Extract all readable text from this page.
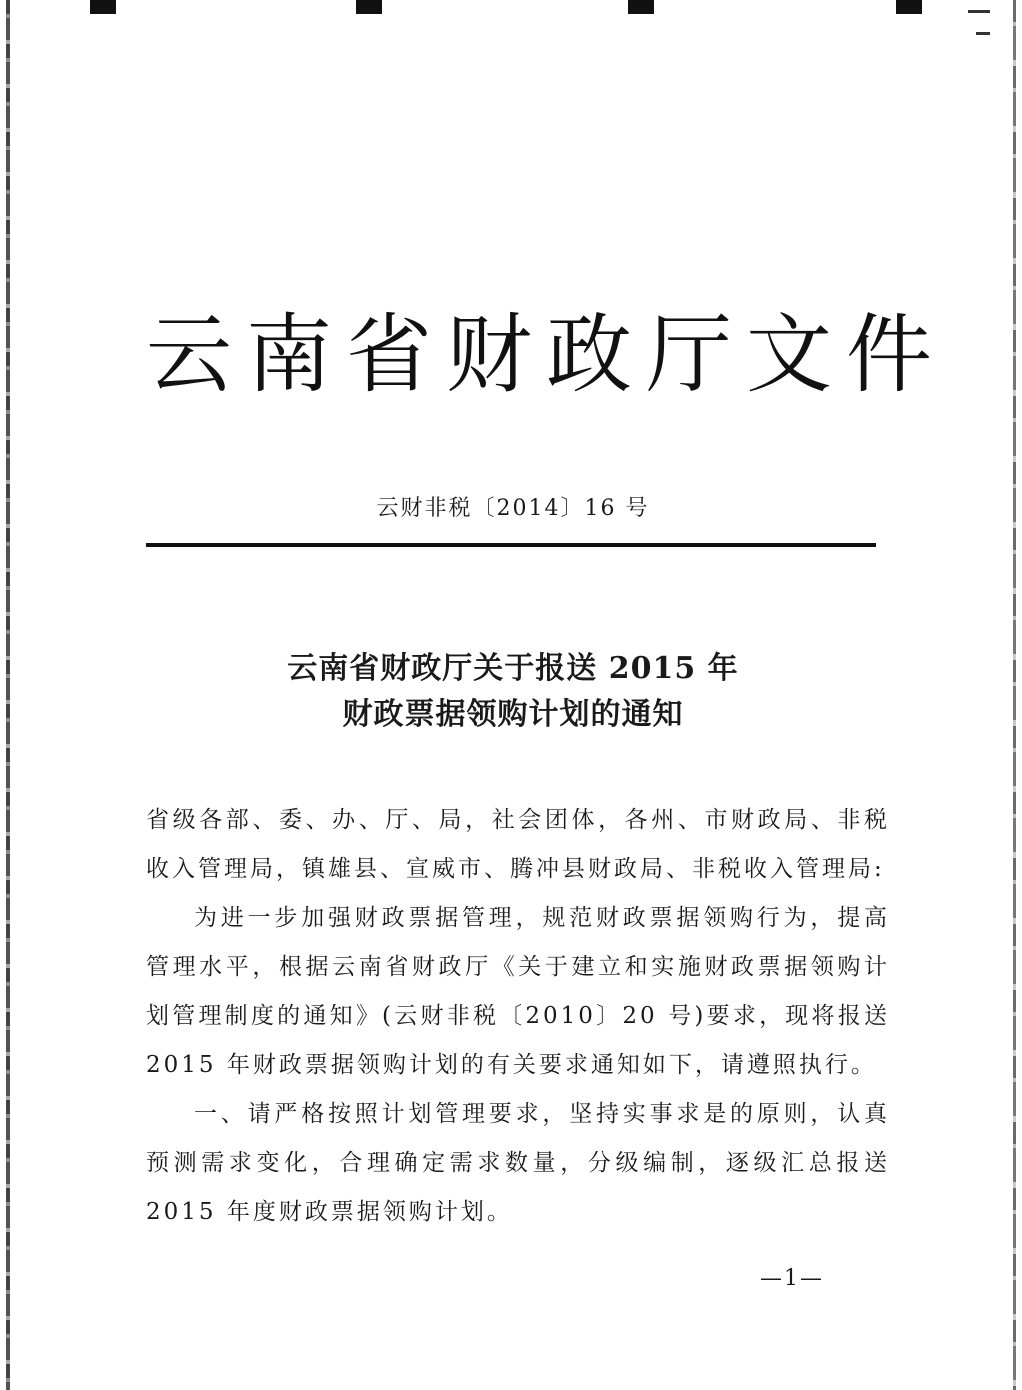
云南省财政厅文件
云财非税〔2014〕16 号
云南省财政厅关于报送 2015 年
财政票据领购计划的通知

省级各部、委、办、厅、局，社会团体，各州、市财政局、非税收入管理局，镇雄县、宣威市、腾冲县财政局、非税收入管理局:

为进一步加强财政票据管理，规范财政票据领购行为，提高管理水平，根据云南省财政厅《关于建立和实施财政票据领购计划管理制度的通知》(云财非税〔2010〕20 号)要求，现将报送 2015 年财政票据领购计划的有关要求通知如下，请遵照执行。

一、请严格按照计划管理要求，坚持实事求是的原则，认真预测需求变化，合理确定需求数量，分级编制，逐级汇总报送 2015 年度财政票据领购计划。

—1—
